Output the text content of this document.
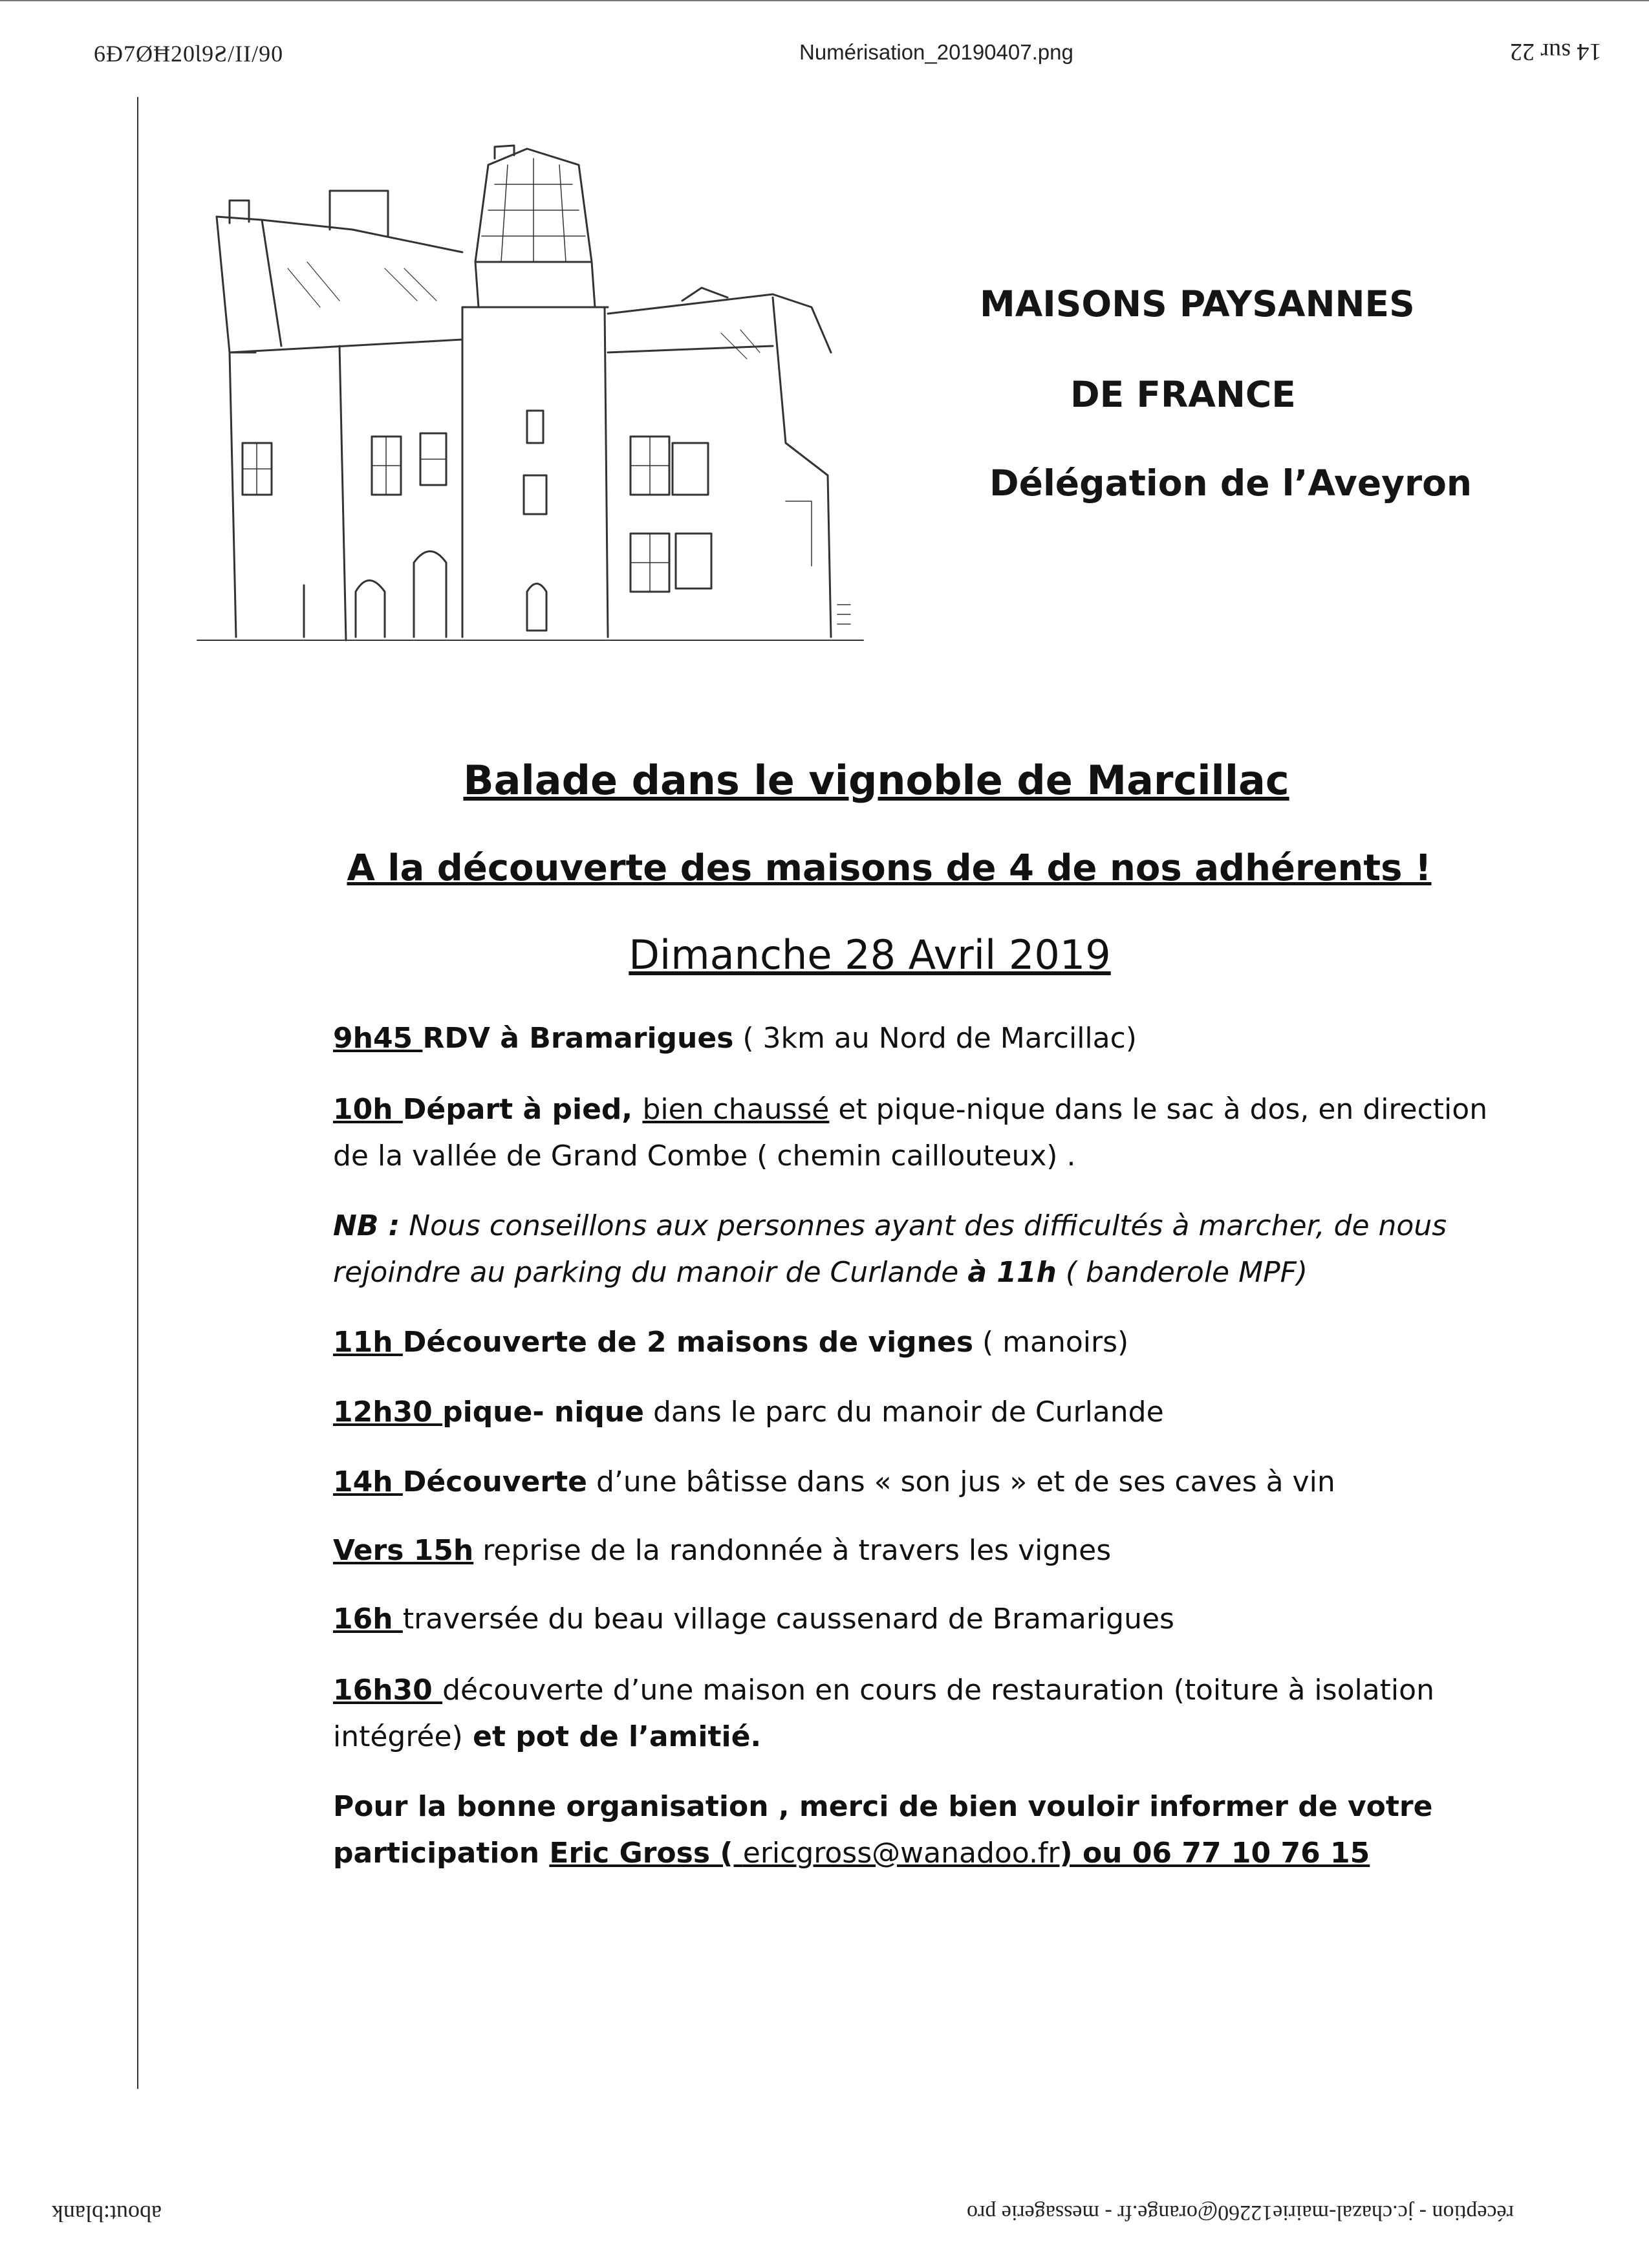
6Đ7ØĦ20Ɩ9Ƨ/II/90	Numérisation_20190407.png	14 sur 22
MAISONS PAYSANNES
DE FRANCE
Délégation de l’Aveyron
Balade dans le vignoble de Marcillac
A la découverte des maisons de 4 de nos adhérents !
Dimanche 28 Avril 2019

9h45 RDV à Bramarigues ( 3km au Nord de Marcillac)

10h Départ à pied, bien chaussé et pique-nique dans le sac à dos, en direction

de la vallée de Grand Combe ( chemin caillouteux) .

NB : Nous conseillons aux personnes ayant des difficultés à marcher, de nous

rejoindre au parking du manoir de Curlande à 11h ( banderole MPF)

11h Découverte de 2 maisons de vignes ( manoirs)

12h30 pique- nique dans le parc du manoir de Curlande

14h Découverte d’une bâtisse dans « son jus » et de ses caves à vin

Vers 15h reprise de la randonnée à travers les vignes

16h traversée du beau village caussenard de Bramarigues

16h30 découverte d’une maison en cours de restauration (toiture à isolation

intégrée) et pot de l’amitié.

Pour la bonne organisation , merci de bien vouloir informer de votre

participation Eric Gross ( ericgross@wanadoo.fr) ou 06 77 10 76 15

about:blank	réception - jc.chazal-mairie12260@orange.fr - messagerie pro
